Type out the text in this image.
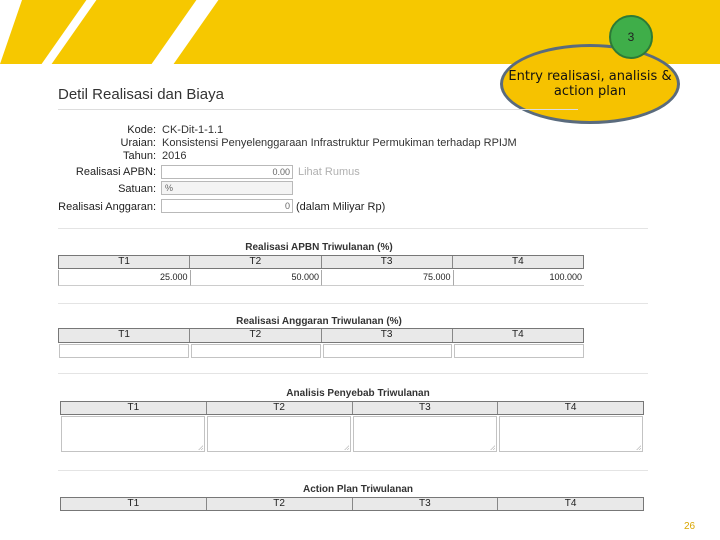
Entry realisasi, analisis & action plan
3
Detil Realisasi dan Biaya
Kode: CK-Dit-1-1.1
Uraian: Konsistensi Penyelenggaraan Infrastruktur Permukiman terhadap RPIJM
Tahun: 2016
Realisasi APBN:	0.00 Lihat Rumus
Satuan:	%
Realisasi Anggaran:	0 (dalam Miliyar Rp)
Realisasi APBN Triwulanan (%)
T1	T2	T3	T4
25.000	50.000	75.000	100.000
Realisasi Anggaran Triwulanan (%)
T1	T2	T3	T4
Analisis Penyebab Triwulanan
T1	T2	T3	T4
Action Plan Triwulanan
T1	T2	T3	T4
26
